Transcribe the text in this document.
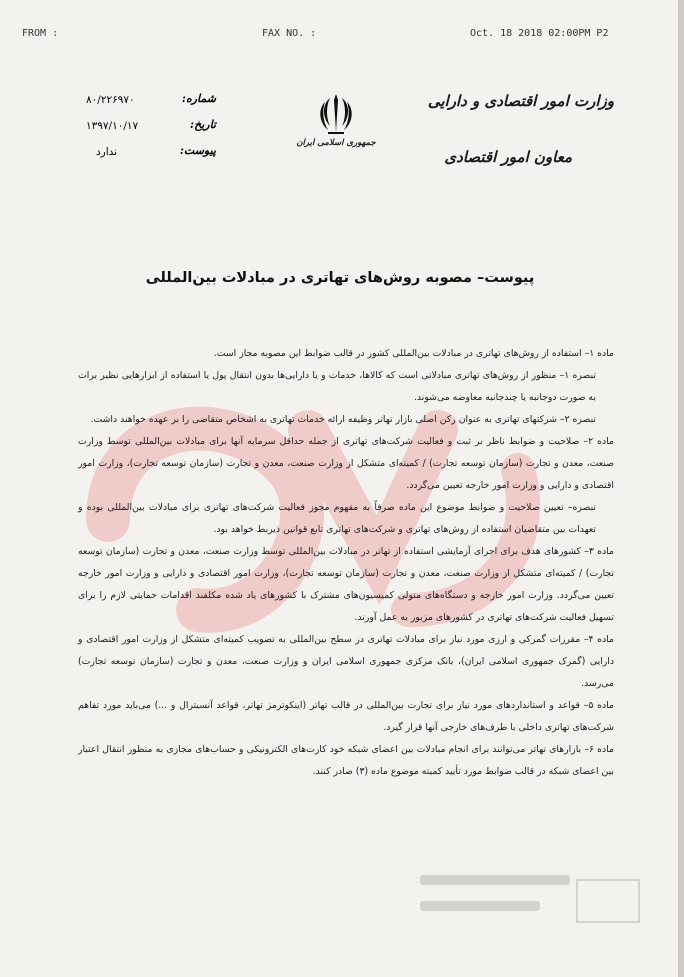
FROM :	FAX NO. :	Oct. 18 2018 02:00PM P2
وزارت امور اقتصادی و دارایی
معاون امور اقتصادی
جمهوری اسلامی ایران
شماره:
۸۰/۲۲۶۹۷۰
تاریخ:
۱۳۹۷/۱۰/۱۷
پیوست:
ندارد
پیوست– مصوبه روش‌های تهاتری در مبادلات بین‌المللی

ماده ۱– استفاده از روش‌های تهاتری در مبادلات بین‌المللی کشور در قالب ضوابط این مصوبه مجاز است.

تبصره ۱– منظور از روش‌های تهاتری مبادلاتی است که کالاها، خدمات و یا دارایی‌ها بدون انتقال پول یا استفاده از ابزارهایی نظیر برات به صورت دوجانبه یا چندجانبه معاوضه می‌شوند.

تبصره ۲– شرکتهای تهاتری به عنوان رکن اصلی بازار تهاتر وظیفه ارائه خدمات تهاتری به اشخاص متقاضی را بر عهده خواهند داشت.

ماده ۲– صلاحیت و ضوابط ناظر بر ثبت و فعالیت شرکت‌های تهاتری از جمله حداقل سرمایه آنها برای مبادلات بین‌المللی توسط وزارت صنعت، معدن و تجارت (سازمان توسعه تجارت) / کمیته‌ای متشکل از وزارت صنعت، معدن و تجارت (سازمان توسعه تجارت)، وزارت امور اقتصادی و دارایی و وزارت امور خارجه تعیین می‌گردد.

تبصره– تعیین صلاحیت و ضوابط موضوع این ماده صرفاً به مفهوم مجوز فعالیت شرکت‌های تهاتری برای مبادلات بین‌المللی بوده و تعهدات بین متقاضیان استفاده از روش‌های تهاتری و شرکت‌های تهاتری تابع قوانین ذیربط خواهد بود.

ماده ۳– کشورهای هدف برای اجرای آزمایشی استفاده از تهاتر در مبادلات بین‌المللی توسط وزارت صنعت، معدن و تجارت (سازمان توسعه تجارت) / کمیته‌ای متشکل از وزارت صنعت، معدن و تجارت (سازمان توسعه تجارت)، وزارت امور اقتصادی و دارایی و وزارت امور خارجه تعیین می‌گردد. وزارت امور خارجه و دستگاه‌های متولی کمیسیون‌های مشترک با کشورهای یاد شده مکلفند اقدامات حمایتی لازم را برای تسهیل فعالیت شرکت‌های تهاتری در کشورهای مزبور به عمل آورند.

ماده ۴– مقررات گمرکی و ارزی مورد نیاز برای مبادلات تهاتری در سطح بین‌المللی به تصویب کمیته‌ای متشکل از وزارت امور اقتصادی و دارایی (گمرک جمهوری اسلامی ایران)، بانک مرکزی جمهوری اسلامی ایران و وزارت صنعت، معدن و تجارت (سازمان توسعه تجارت) می‌رسد.

ماده ۵– قواعد و استانداردهای مورد نیاز برای تجارت بین‌المللی در قالب تهاتر (اینکوترمز تهاتر، قواعد آنسیترال و ...) می‌باید مورد تفاهم شرکت‌های تهاتری داخلی با طرف‌های خارجی آنها قرار گیرد.

ماده ۶– بازارهای تهاتر می‌توانند برای انجام مبادلات بین اعضای شبکه خود کارت‌های الکترونیکی و حساب‌های مجازی به منظور انتقال اعتبار بین اعضای شبکه در قالب ضوابط مورد تأیید کمیته موضوع ماده (۳) صادر کنند.
